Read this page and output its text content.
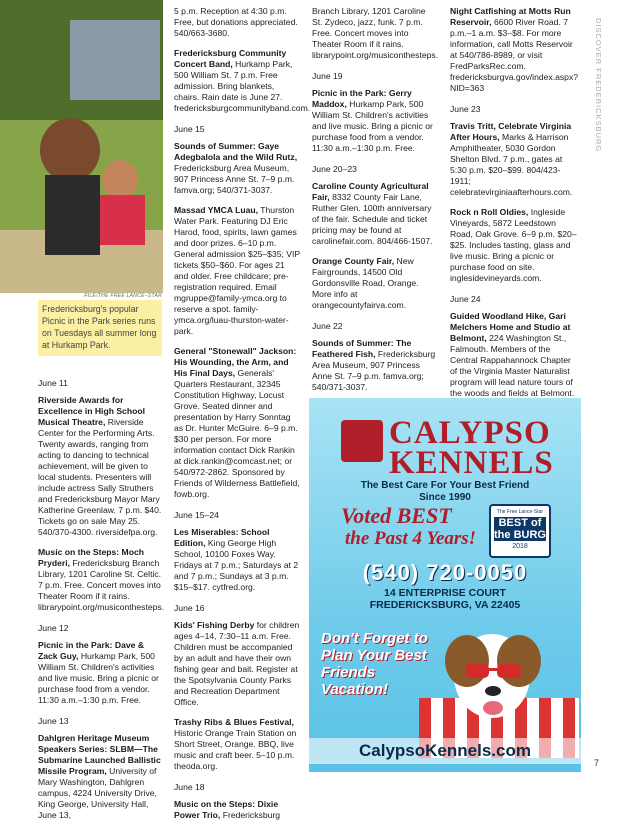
FILE/THE FREE LANCE–STAR
Fredericksburg's popular Picnic in the Park series runs on Tuesdays all summer long at Hurkamp Park.
DISCOVER FREDERICKSBURG
June 11

Riverside Awards for Excellence in High School Musical Theatre, Riverside Center for the Performing Arts. Twenty awards, ranging from acting to dancing to technical achievement, will be given to local students. Presenters will include actress Sally Struthers and Fredericksburg Mayor Mary Katherine Greenlaw. 7 p.m. $40. Tickets go on sale May 25. 540/370-4300. riversidefpa.org.

Music on the Steps: Moch Pryderi, Fredericksburg Branch Library, 1201 Caroline St. Celtic. 7 p.m. Free. Concert moves into Theater Room if it rains. librarypoint.org/musiconthesteps.

June 12

Picnic in the Park: Dave & Zack Guy, Hurkamp Park, 500 William St. Children's activities and live music. Bring a picnic or purchase food from a vendor. 11:30 a.m.–1:30 p.m. Free.

June 13

Dahlgren Heritage Museum Speakers Series: SLBM—The Submarine Launched Ballistic Missile Program, University of Mary Washington, Dahlgren campus, 4224 University Drive, King George, University Hall, June 13,

5 p.m. Reception at 4:30 p.m. Free, but donations appreciated. 540/663-3680.

Fredericksburg Community Concert Band, Hurkamp Park, 500 William St. 7 p.m. Free admission. Bring blankets, chairs. Rain date is June 27. fredericksburgcommunityband.com.

June 15

Sounds of Summer: Gaye Adegbalola and the Wild Rutz, Fredericksburg Area Museum, 907 Princess Anne St. 7–9 p.m. famva.org; 540/371-3037.

Massad YMCA Luau, Thurston Water Park. Featuring DJ Eric Harod, food, spirits, lawn games and door prizes. 6–10 p.m. General admission $25–$35; VIP tickets $50–$60. For ages 21 and older. Free childcare; pre-registration required. Email mgruppe@family-ymca.org to reserve a spot. family-ymca.org/luau-thurston-water-park.

General "Stonewall" Jackson: His Wounding, the Arm, and His Final Days, Generals' Quarters Restaurant, 32345 Constitution Highway, Locust Grove. Seated dinner and presentation by Harry Sonntag as Dr. Hunter McGuire. 6–9 p.m. $30 per person. For more information contact Dick Rankin at dick.rankin@comcast.net; or 540/972-2862. Sponsored by Friends of Wilderness Battlefield, fowb.org.

June 15–24

Les Miserables: School Edition, King George High School, 10100 Foxes Way. Fridays at 7 p.m.; Saturdays at 2 and 7 p.m.; Sundays at 3 p.m. $15–$17. cytfred.org.

June 16

Kids' Fishing Derby for children ages 4–14, 7:30–11 a.m. Free. Children must be accompanied by an adult and have their own fishing gear and bait. Register at the Spotsylvania County Parks and Recreation Department Office.

Trashy Ribs & Blues Festival, Historic Orange Train Station on Short Street, Orange. BBQ, live music and craft beer. 5–10 p.m. theoda.org.

June 18

Music on the Steps: Dixie Power Trio, Fredericksburg

Branch Library, 1201 Caroline St. Zydeco, jazz, funk. 7 p.m. Free. Concert moves into Theater Room if it rains. librarypoint.org/musiconthesteps.

June 19

Picnic in the Park: Gerry Maddox, Hurkamp Park, 500 William St. Children's activities and live music. Bring a picnic or purchase food from a vendor. 11:30 a.m.–1:30 p.m. Free.

June 20–23

Caroline County Agricultural Fair, 8332 County Fair Lane, Ruther Glen. 100th anniversary of the fair. Schedule and ticket pricing may be found at carolinefair.com. 804/466-1507.

Orange County Fair, New Fairgrounds, 14500 Old Gordonsville Road, Orange. More info at orangecountyfairva.com.

June 22

Sounds of Summer: The Feathered Fish, Fredericksburg Area Museum, 907 Princess Anne St. 7–9 p.m. famva.org; 540/371-3037.

Night Catfishing at Motts Run Reservoir, 6600 River Road. 7 p.m.–1 a.m. $3–$8. For more information, call Motts Reservoir at 540/786-8989, or visit FredParksRec.com. fredericksburgva.gov/index.aspx?NID=363

June 23

Travis Tritt, Celebrate Virginia After Hours, Marks & Harrison Amphitheater, 5030 Gordon Shelton Blvd. 7 p.m., gates at 5:30 p.m. $20–$99. 804/423-1911; celebratevirginiaafterhours.com.

Rock n Roll Oldies, Ingleside Vineyards, 5872 Leedstown Road, Oak Grove. 6–9 p.m. $20–$25. Includes tasting, glass and live music. Bring a picnic or purchase food on site. inglesidevineyards.com.

June 24

Guided Woodland Hike, Gari Melchers Home and Studio at Belmont, 224 Washington St., Falmouth. Members of the Central Rappahannock Chapter of the Virginia Master Naturalist program will lead nature tours of the woods and fields at Belmont.

CALYPSO KENNELS
The Best Care For Your Best Friend
Since 1990
Voted BEST
the Past 4 Years!
The Free Lance-Star
BEST of the BURG
2018
(540) 720-0050
14 ENTERPRISE COURT
FREDERICKSBURG, VA 22405
Don't Forget to Plan Your Best Friends Vacation!
CalypsoKennels.com
7
